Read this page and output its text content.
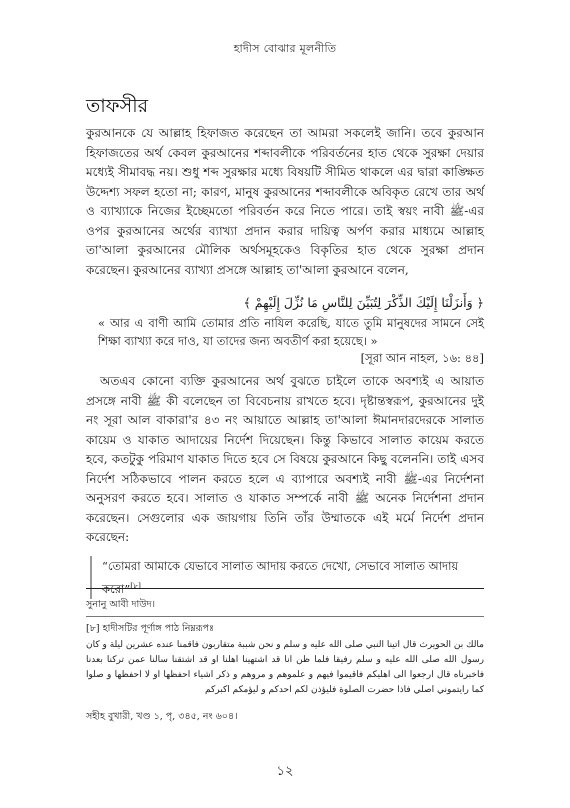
হাদীস বোঝার মূলনীতি
তাফসীর

কুরআনকে যে আল্লাহ হিফাজত করেছেন তা আমরা সকলেই জানি। তবে কুরআন হিফাজতের অর্থ কেবল কুরআনের শব্দাবলীকে পরিবর্তনের হাত থেকে সুরক্ষা দেয়ার মধ্যেই সীমাবদ্ধ নয়। শুধু শব্দ সুরক্ষার মধ্যে বিষয়টি সীমিত থাকলে এর দ্বারা কাঙ্ক্ষিত উদ্দেশ্য সফল হতো না; কারণ, মানুষ কুরআনের শব্দাবলীকে অবিকৃত রেখে তার অর্থ ও ব্যাখ্যাকে নিজের ইচ্ছেমতো পরিবর্তন করে নিতে পারে। তাই স্বয়ং নাবী ﷺ-এর ওপর কুরআনের অর্থের ব্যাখ্যা প্রদান করার দায়িত্ব অর্পণ করার মাধ্যমে আল্লাহ তা'আলা কুরআনের মৌলিক অর্থসমূহকেও বিকৃতির হাত থেকে সুরক্ষা প্রদান করেছেন। কুরআনের ব্যাখ্যা প্রসঙ্গে আল্লাহ তা'আলা কুরআনে বলেন,

﴿ وَأَنزَلْنَا إِلَيْكَ الذِّكْرَ لِتُبَيِّنَ لِلنَّاسِ مَا نُزِّلَ إِلَيْهِمْ ﴾

« আর এ বাণী আমি তোমার প্রতি নাযিল করেছি, যাতে তুমি মানুষদের সামনে সেই শিক্ষা ব্যাখ্যা করে দাও, যা তাদের জন্য অবতীর্ণ করা হয়েছে। »

[সূরা আন নাহল, ১৬: ৪৪]

অতএব কোনো ব্যক্তি কুরআনের অর্থ বুঝতে চাইলে তাকে অবশ্যই এ আয়াত প্রসঙ্গে নাবী ﷺ কী বলেছেন তা বিবেচনায় রাখতে হবে। দৃষ্টান্তস্বরূপ, কুরআনের দুই নং সূরা আল বাকারা'র ৪৩ নং আয়াতে আল্লাহ তা'আলা ঈমানদারদেরকে সালাত কায়েম ও যাকাত আদায়ের নির্দেশ দিয়েছেন। কিন্তু কিভাবে সালাত কায়েম করতে হবে, কতটুকু পরিমাণ যাকাত দিতে হবে সে বিষয়ে কুরআনে কিছু বলেননি। তাই এসব নির্দেশ সঠিকভাবে পালন করতে হলে এ ব্যাপারে অবশ্যই নাবী ﷺ-এর নির্দেশনা অনুসরণ করতে হবে। সালাত ও যাকাত সম্পর্কে নাবী ﷺ অনেক নির্দেশনা প্রদান করেছেন। সেগুলোর এক জায়গায় তিনি তাঁর উম্মাতকে এই মর্মে নির্দেশ প্রদান করেছেন:

“তোমরা আমাকে যেভাবে সালাত আদায় করতে দেখো, সেভাবে সালাত আদায় করো”[৮]
সুনানু আবী দাউদ।
[৮] হাদীসটির পূর্ণাঙ্গ পাঠ নিম্নরূপঃ
مالك بن الحويرث قال اتينا النبي صلى الله عليه و سلم و نحن شببة متقاربون فاقمنا عنده عشرين ليلة و كان رسول الله صلى الله عليه و سلم رفيقا فلما ظن انا قد اشتهينا اهلنا او قد اشتقنا سالنا عمن تركنا بعدنا فاخبرناه قال ارجعوا الى اهليكم فاقيموا فيهم و علموهم و مروهم و ذكر اشياء احفظها او لا احفظها و صلوا كما رايتموني اصلي فاذا حضرت الصلوة فليؤذن لكم احدكم و ليؤمكم اكبركم
সহীহ বুখারী, খণ্ড ১, পৃ, ৩৪৫, নং ৬০৪।
১২
